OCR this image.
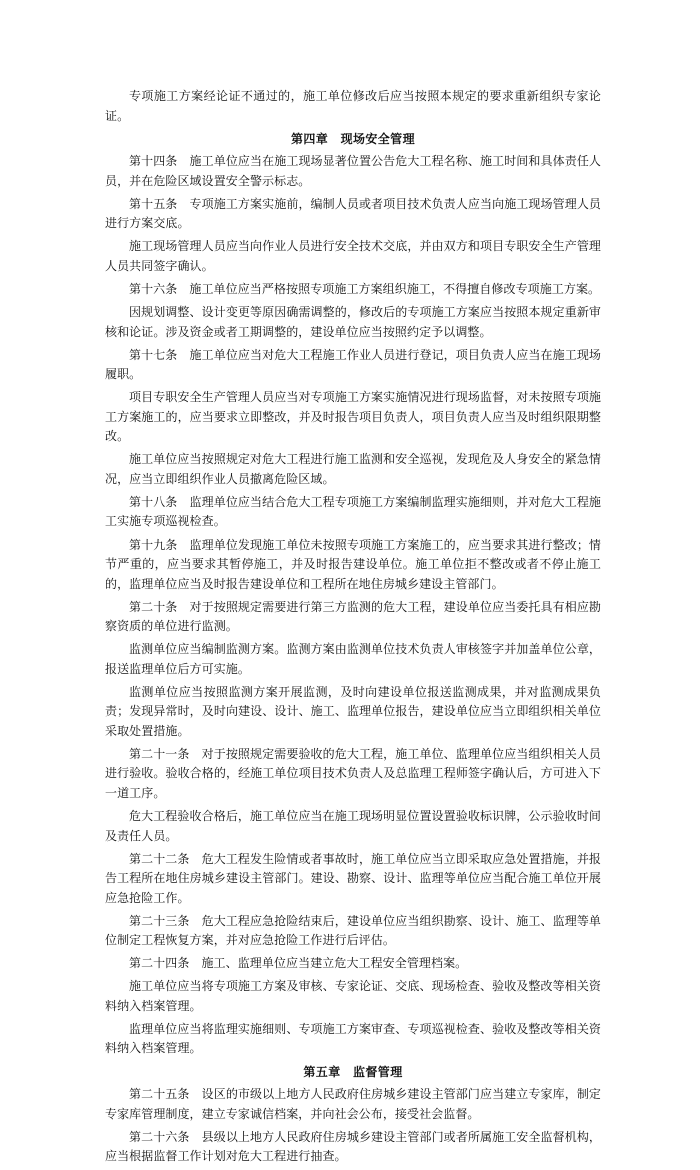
专项施工方案经论证不通过的，施工单位修改后应当按照本规定的要求重新组织专家论证。

第四章　现场安全管理

第十四条　施工单位应当在施工现场显著位置公告危大工程名称、施工时间和具体责任人员，并在危险区域设置安全警示标志。

第十五条　专项施工方案实施前，编制人员或者项目技术负责人应当向施工现场管理人员进行方案交底。

施工现场管理人员应当向作业人员进行安全技术交底，并由双方和项目专职安全生产管理人员共同签字确认。

第十六条　施工单位应当严格按照专项施工方案组织施工，不得擅自修改专项施工方案。

因规划调整、设计变更等原因确需调整的，修改后的专项施工方案应当按照本规定重新审核和论证。涉及资金或者工期调整的，建设单位应当按照约定予以调整。

第十七条　施工单位应当对危大工程施工作业人员进行登记，项目负责人应当在施工现场履职。

项目专职安全生产管理人员应当对专项施工方案实施情况进行现场监督，对未按照专项施工方案施工的，应当要求立即整改，并及时报告项目负责人，项目负责人应当及时组织限期整改。

施工单位应当按照规定对危大工程进行施工监测和安全巡视，发现危及人身安全的紧急情况，应当立即组织作业人员撤离危险区域。

第十八条　监理单位应当结合危大工程专项施工方案编制监理实施细则，并对危大工程施工实施专项巡视检查。

第十九条　监理单位发现施工单位未按照专项施工方案施工的，应当要求其进行整改；情节严重的，应当要求其暂停施工，并及时报告建设单位。施工单位拒不整改或者不停止施工的，监理单位应当及时报告建设单位和工程所在地住房城乡建设主管部门。

第二十条　对于按照规定需要进行第三方监测的危大工程，建设单位应当委托具有相应勘察资质的单位进行监测。

监测单位应当编制监测方案。监测方案由监测单位技术负责人审核签字并加盖单位公章，报送监理单位后方可实施。

监测单位应当按照监测方案开展监测，及时向建设单位报送监测成果，并对监测成果负责；发现异常时，及时向建设、设计、施工、监理单位报告，建设单位应当立即组织相关单位采取处置措施。

第二十一条　对于按照规定需要验收的危大工程，施工单位、监理单位应当组织相关人员进行验收。验收合格的，经施工单位项目技术负责人及总监理工程师签字确认后，方可进入下一道工序。

危大工程验收合格后，施工单位应当在施工现场明显位置设置验收标识牌，公示验收时间及责任人员。

第二十二条　危大工程发生险情或者事故时，施工单位应当立即采取应急处置措施，并报告工程所在地住房城乡建设主管部门。建设、勘察、设计、监理等单位应当配合施工单位开展应急抢险工作。

第二十三条　危大工程应急抢险结束后，建设单位应当组织勘察、设计、施工、监理等单位制定工程恢复方案，并对应急抢险工作进行后评估。

第二十四条　施工、监理单位应当建立危大工程安全管理档案。

施工单位应当将专项施工方案及审核、专家论证、交底、现场检查、验收及整改等相关资料纳入档案管理。

监理单位应当将监理实施细则、专项施工方案审查、专项巡视检查、验收及整改等相关资料纳入档案管理。

第五章　监督管理

第二十五条　设区的市级以上地方人民政府住房城乡建设主管部门应当建立专家库，制定专家库管理制度，建立专家诚信档案，并向社会公布，接受社会监督。

第二十六条　县级以上地方人民政府住房城乡建设主管部门或者所属施工安全监督机构，应当根据监督工作计划对危大工程进行抽查。
